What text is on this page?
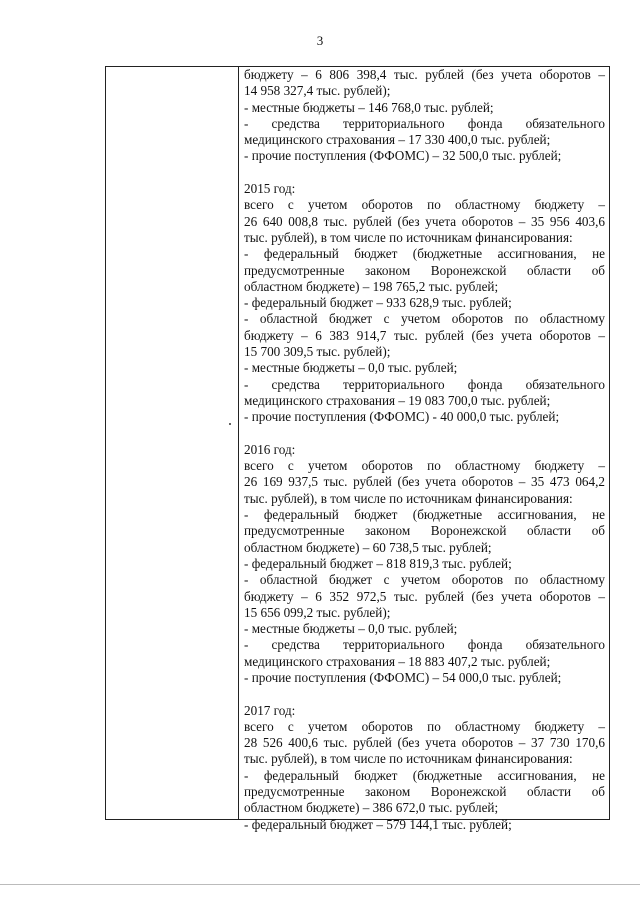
3
бюджету – 6 806 398,4 тыс. рублей (без учета оборотов –
14 958 327,4 тыс. рублей);
- местные бюджеты – 146 768,0 тыс. рублей;
- средства территориального фонда обязательного
медицинского страхования – 17 330 400,0 тыс. рублей;
- прочие поступления (ФФОМС) – 32 500,0 тыс. рублей;
2015 год:
всего с учетом оборотов по областному бюджету –
26 640 008,8 тыс. рублей (без учета оборотов – 35 956 403,6
тыс. рублей), в том числе по источникам финансирования:
- федеральный бюджет (бюджетные ассигнования, не
предусмотренные законом Воронежской области об
областном бюджете) – 198 765,2 тыс. рублей;
- федеральный бюджет – 933 628,9 тыс. рублей;
- областной бюджет с учетом оборотов по областному
бюджету – 6 383 914,7 тыс. рублей (без учета оборотов –
15 700 309,5 тыс. рублей);
- местные бюджеты – 0,0 тыс. рублей;
- средства территориального фонда обязательного
медицинского страхования – 19 083 700,0 тыс. рублей;
- прочие поступления (ФФОМС) - 40 000,0 тыс. рублей;
2016 год:
всего с учетом оборотов по областному бюджету –
26 169 937,5 тыс. рублей (без учета оборотов – 35 473 064,2
тыс. рублей), в том числе по источникам финансирования:
- федеральный бюджет (бюджетные ассигнования, не
предусмотренные законом Воронежской области об
областном бюджете) – 60 738,5 тыс. рублей;
- федеральный бюджет – 818 819,3 тыс. рублей;
- областной бюджет с учетом оборотов по областному
бюджету – 6 352 972,5 тыс. рублей (без учета оборотов –
15 656 099,2 тыс. рублей);
- местные бюджеты – 0,0 тыс. рублей;
- средства территориального фонда обязательного
медицинского страхования – 18 883 407,2 тыс. рублей;
- прочие поступления (ФФОМС) – 54 000,0 тыс. рублей;
2017 год:
всего с учетом оборотов по областному бюджету –
28 526 400,6 тыс. рублей (без учета оборотов – 37 730 170,6
тыс. рублей), в том числе по источникам финансирования:
- федеральный бюджет (бюджетные ассигнования, не
предусмотренные законом Воронежской области об
областном бюджете) – 386 672,0 тыс. рублей;
- федеральный бюджет – 579 144,1 тыс. рублей;
